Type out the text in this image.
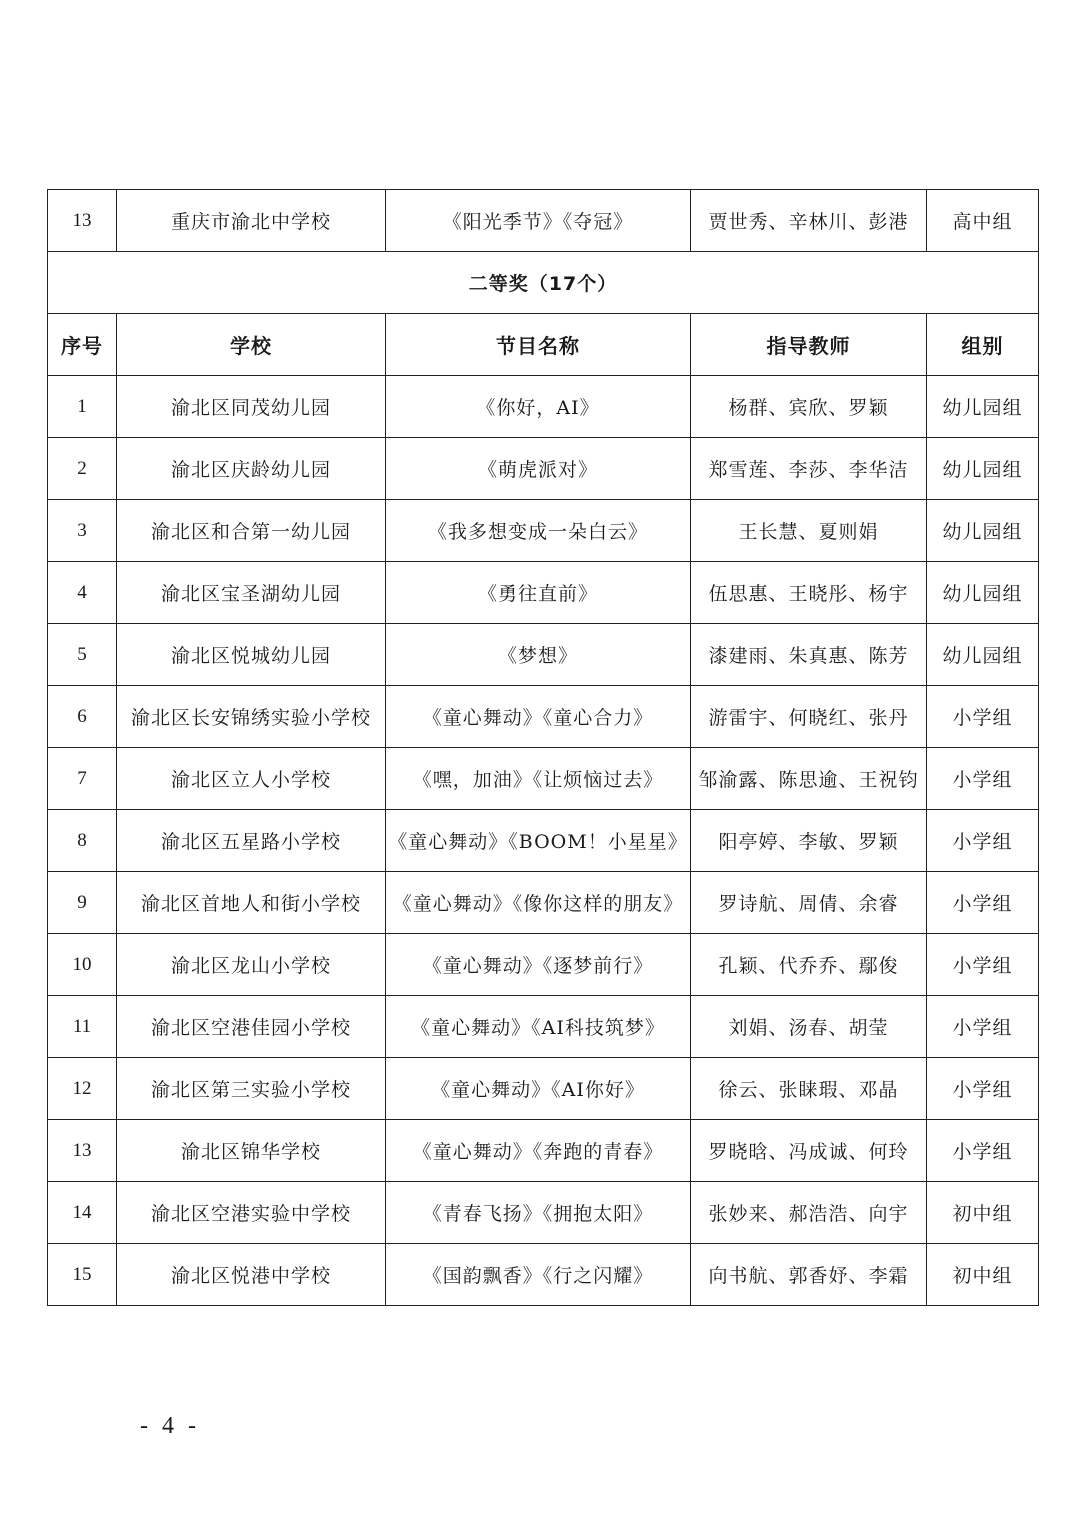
13	重庆市渝北中学校	《阳光季节》《夺冠》	贾世秀、辛林川、彭港	高中组
二等奖（17个）				
序号	学校	节目名称	指导教师	组别
1	渝北区同茂幼儿园	《你好，AI》	杨群、宾欣、罗颖	幼儿园组
2	渝北区庆龄幼儿园	《萌虎派对》	郑雪莲、李莎、李华洁	幼儿园组
3	渝北区和合第一幼儿园	《我多想变成一朵白云》	王长慧、夏则娟	幼儿园组
4	渝北区宝圣湖幼儿园	《勇往直前》	伍思惠、王晓彤、杨宇	幼儿园组
5	渝北区悦城幼儿园	《梦想》	漆建雨、朱真惠、陈芳	幼儿园组
6	渝北区长安锦绣实验小学校	《童心舞动》《童心合力》	游雷宇、何晓红、张丹	小学组
7	渝北区立人小学校	《嘿，加油》《让烦恼过去》	邹渝露、陈思逾、王祝钧	小学组
8	渝北区五星路小学校	《童心舞动》《BOOM！小星星》	阳亭婷、李敏、罗颖	小学组
9	渝北区首地人和街小学校	《童心舞动》《像你这样的朋友》	罗诗航、周倩、余睿	小学组
10	渝北区龙山小学校	《童心舞动》《逐梦前行》	孔颖、代乔乔、鄢俊	小学组
11	渝北区空港佳园小学校	《童心舞动》《AI科技筑梦》	刘娟、汤春、胡莹	小学组
12	渝北区第三实验小学校	《童心舞动》《AI你好》	徐云、张睐瑕、邓晶	小学组
13	渝北区锦华学校	《童心舞动》《奔跑的青春》	罗晓晗、冯成诚、何玲	小学组
14	渝北区空港实验中学校	《青春飞扬》《拥抱太阳》	张妙来、郝浩浩、向宇	初中组
15	渝北区悦港中学校	《国韵飘香》《行之闪耀》	向书航、郭香妤、李霜	初中组
- 4 -
